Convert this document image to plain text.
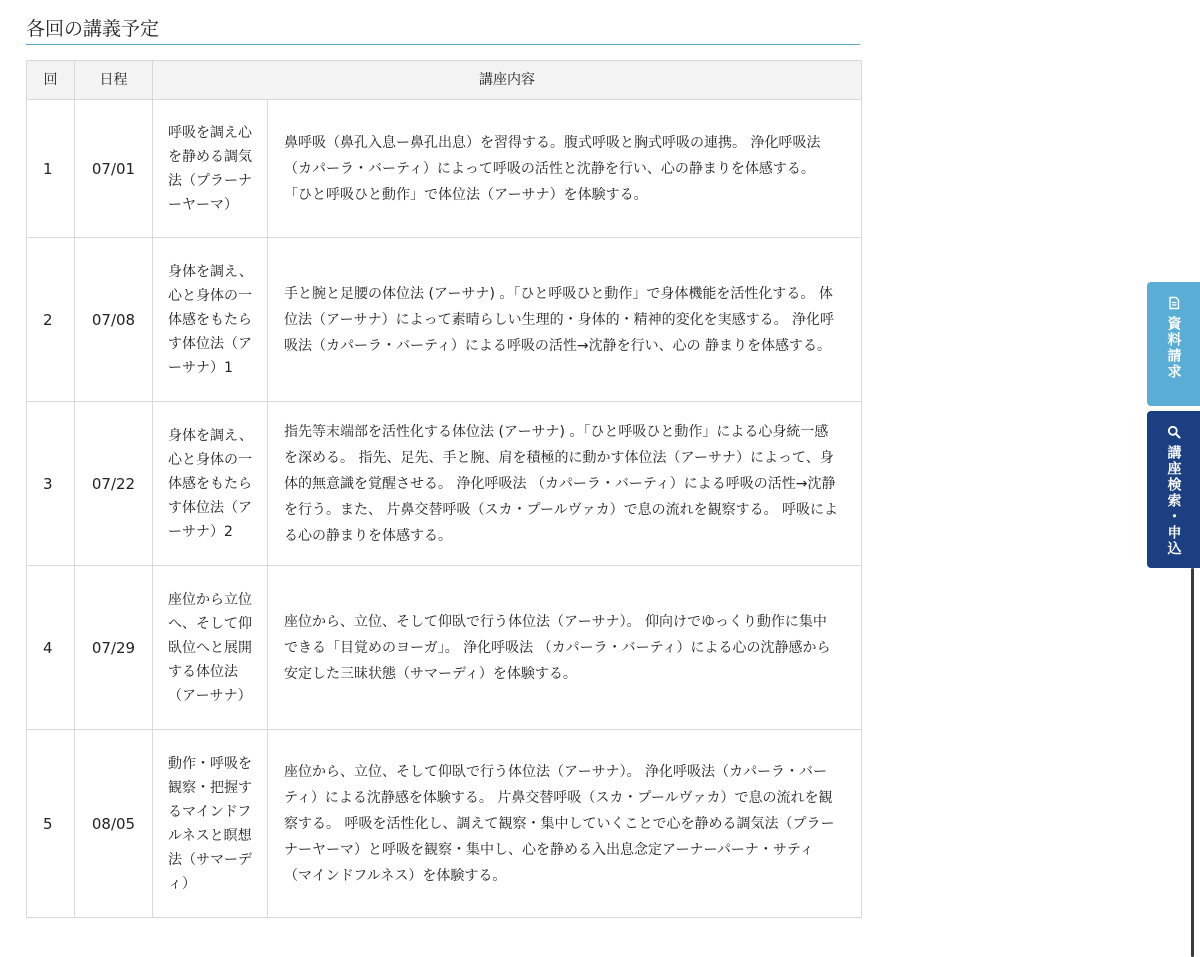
各回の講義予定
回	日程	講座内容	
1	07/01	呼吸を調え心を静める調気法（プラーナーヤーマ）	鼻呼吸（鼻孔入息ー鼻孔出息）を習得する。腹式呼吸と胸式呼吸の連携。 浄化呼吸法 （カパーラ・バーティ）によって呼吸の活性と沈静を行い、心の静まりを体感する。 「ひと呼吸ひと動作」で体位法（アーサナ）を体験する。
2	07/08	身体を調え、心と身体の一体感をもたらす体位法（アーサナ）1	手と腕と足腰の体位法 (アーサナ) 。「ひと呼吸ひと動作」で身体機能を活性化する。 体位法（アーサナ）によって素晴らしい生理的・身体的・精神的変化を実感する。 浄化呼吸法（カパーラ・バーティ）による呼吸の活性→沈静を行い、心の 静まりを体感する。
3	07/22	身体を調え、心と身体の一体感をもたらす体位法（アーサナ）2	指先等末端部を活性化する体位法 (アーサナ) 。「ひと呼吸ひと動作」による心身統一感を深める。 指先、足先、手と腕、肩を積極的に動かす体位法（アーサナ）によって、身体的無意識を覚醒させる。 浄化呼吸法 （カパーラ・バーティ）による呼吸の活性→沈静を行う。また、 片鼻交替呼吸（スカ・プールヴァカ）で息の流れを観察する。 呼吸による心の静まりを体感する。
4	07/29	座位から立位へ、そして仰臥位へと展開する体位法（アーサナ）	座位から、立位、そして仰臥で行う体位法（アーサナ）。 仰向けでゆっくり動作に集中できる「目覚めのヨーガ」。 浄化呼吸法 （カパーラ・バーティ）による心の沈静感から安定した三昧状態（サマーディ）を体験する。
5	08/05	動作・呼吸を観察・把握するマインドフルネスと瞑想法（サマーディ）	座位から、立位、そして仰臥で行う体位法（アーサナ）。 浄化呼吸法（カパーラ・バーティ）による沈静感を体験する。 片鼻交替呼吸（スカ・プールヴァカ）で息の流れを観察する。 呼吸を活性化し、調えて観察・集中していくことで心を静める調気法（プラーナーヤーマ）と呼吸を観察・集中し、心を静める入出息念定アーナーパーナ・サティ（マインドフルネス）を体験する。
資料請求
講座検索・申込
